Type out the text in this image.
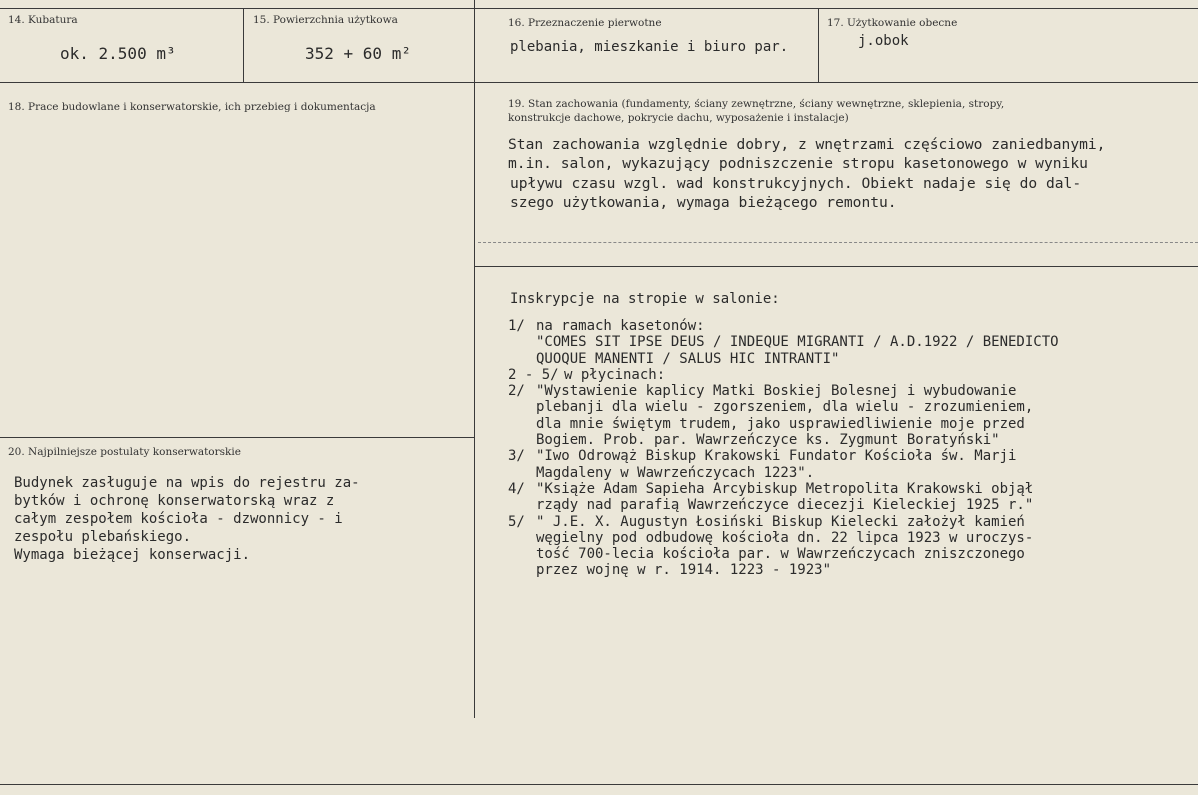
14. Kubatura	15. Powierzchnia użytkowa	16. Przeznaczenie pierwotne	17. Użytkowanie obecne
ok. 2.500 m³	352 + 60 m²	plebania, mieszkanie i biuro par.	j.obok
18. Prace budowlane i konserwatorskie, ich przebieg i dokumentacja	19. Stan zachowania (fundamenty, ściany zewnętrzne, ściany wewnętrzne, sklepienia, stropy,
konstrukcje dachowe, pokrycie dachu, wyposażenie i instalacje)
Stan zachowania względnie dobry, z wnętrzami częściowo zaniedbanymi,
m.in. salon, wykazujący podniszczenie stropu kasetonowego w wyniku
upływu czasu wzgl. wad konstrukcyjnych. Obiekt nadaje się do dal-
szego użytkowania, wymaga bieżącego remontu.
Inskrypcje na stropie w salonie:
1/ na ramach kasetonów:
"COMES SIT IPSE DEUS / INDEQUE MIGRANTI / A.D.1922 / BENEDICTO
QUOQUE MANENTI / SALUS HIC INTRANTI"
2 - 5/ w płycinach:
2/ "Wystawienie kaplicy Matki Boskiej Bolesnej i wybudowanie
plebanji dla wielu - zgorszeniem, dla wielu - zrozumieniem,
dla mnie świętym trudem, jako usprawiedliwienie moje przed
Bogiem. Prob. par. Wawrzeńczyce ks. Zygmunt Boratyński"
3/ "Iwo Odrowąż Biskup Krakowski Fundator Kościoła św. Marji
Magdaleny w Wawrzeńczycach 1223".
4/ "Książe Adam Sapieha Arcybiskup Metropolita Krakowski objął
rządy nad parafią Wawrzeńczyce diecezji Kieleckiej 1925 r."
5/ " J.E. X. Augustyn Łosiński Biskup Kielecki założył kamień
węgielny pod odbudowę kościoła dn. 22 lipca 1923 w uroczys-
tość 700-lecia kościoła par. w Wawrzeńczycach zniszczonego
przez wojnę w r. 1914. 1223 - 1923"
20. Najpilniejsze postulaty konserwatorskie
Budynek zasługuje na wpis do rejestru za-
bytków i ochronę konserwatorską wraz z
całym zespołem kościoła - dzwonnicy - i
zespołu plebańskiego.
Wymaga bieżącej konserwacji.
